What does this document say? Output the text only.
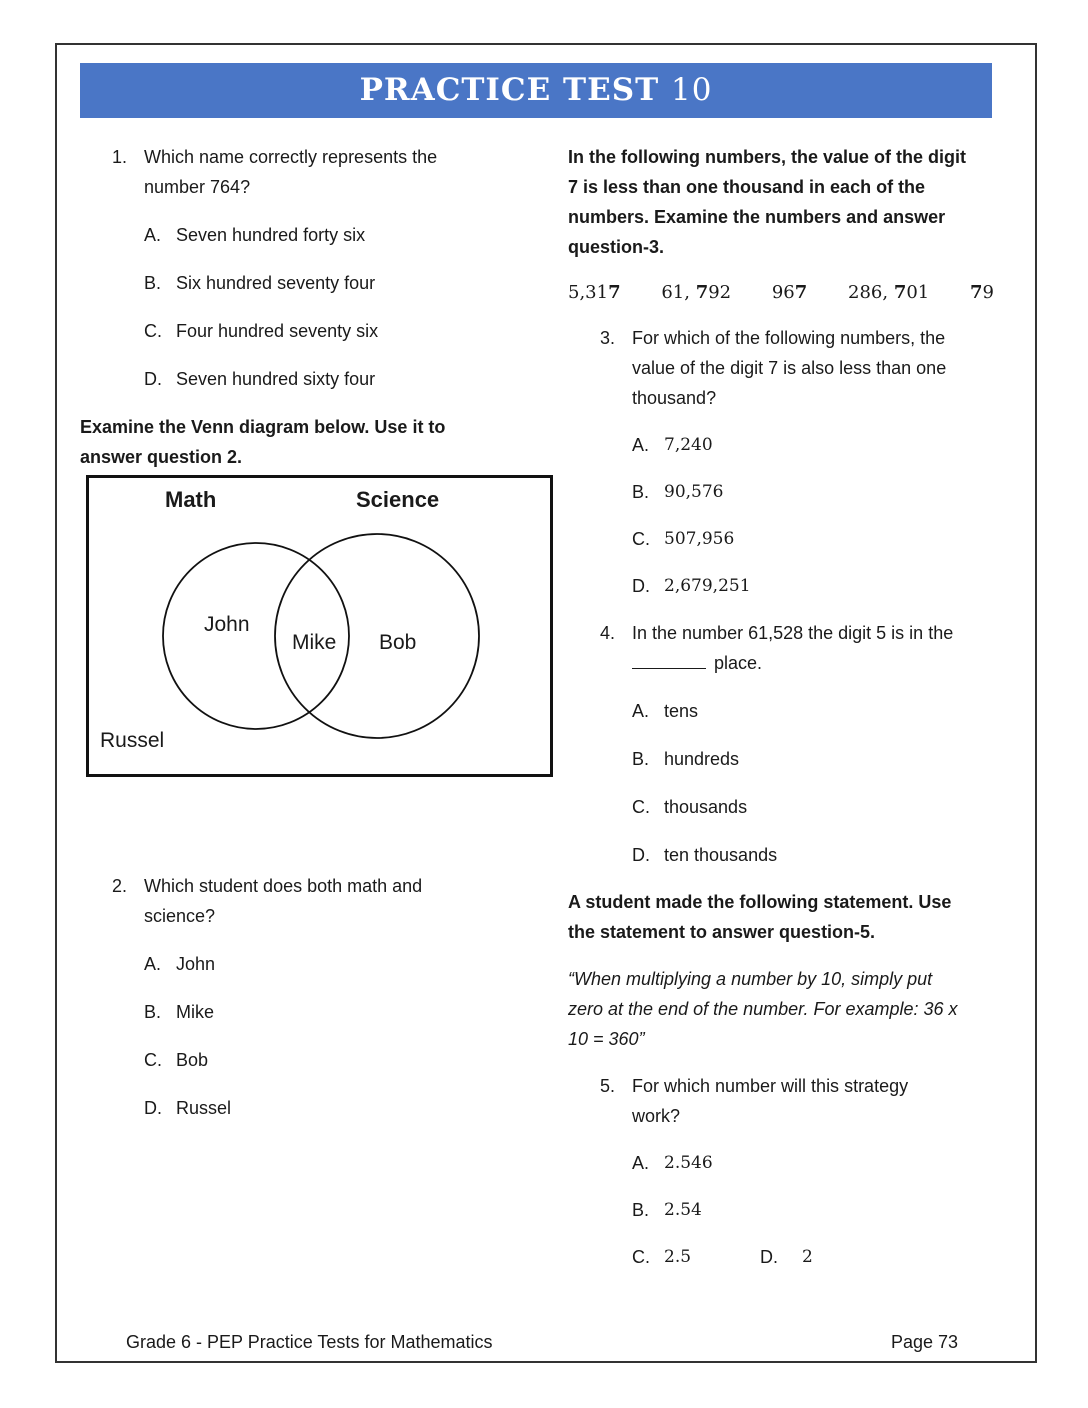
PRACTICE TEST 10
1. Which name correctly represents the
number 764?
A. Seven hundred forty six
B. Six hundred seventy four
C. Four hundred seventy six
D. Seven hundred sixty four
Examine the Venn diagram below. Use it to
answer question 2.
Math	Science
John
Mike Bob
Russel
2. Which student does both math and
science?
A. John
B. Mike
C. Bob
D. Russel
In the following numbers, the value of the digit
7 is less than one thousand in each of the
numbers. Examine the numbers and answer
question-3.
5,317 61, 792 967 286, 701 79
3. For which of the following numbers, the
value of the digit 7 is also less than one
thousand?
A. 7,240
B. 90,576
C. 507,956
D. 2,679,251
4. In the number 61,528 the digit 5 is in the
place.
A. tens
B. hundreds
C. thousands
D. ten thousands
A student made the following statement. Use
the statement to answer question-5.
“When multiplying a number by 10, simply put
zero at the end of the number. For example: 36 x
10 = 360”
5. For which number will this strategy
work?
A. 2.546
B. 2.54
C. 2.5	D.	2
Grade 6 - PEP Practice Tests for Mathematics	Page 73
